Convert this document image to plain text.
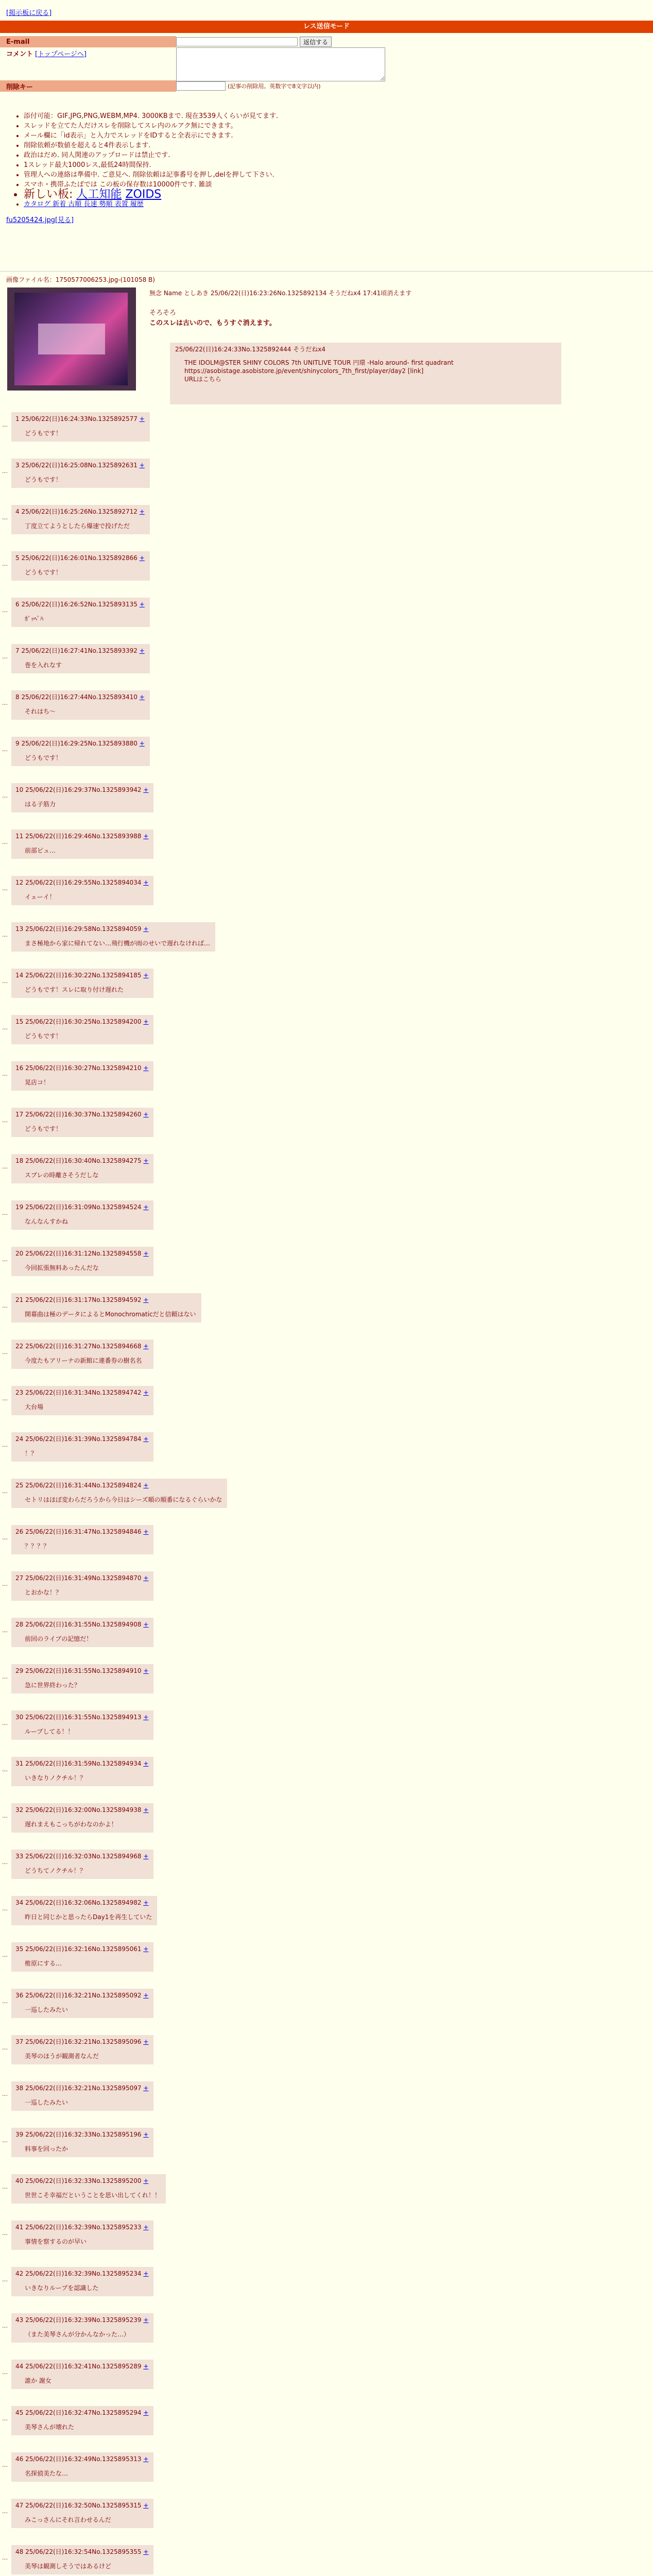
[掲示板に戻る]
レス送信モード
E-mail	返信する
コメント [トップページへ]
削除キー	(記事の削除用。英数字で8文字以内)
• 添付可能：GIF,JPG,PNG,WEBM,MP4. 3000KBまで. 現在3539人くらいが見てます.
• スレッドを立てた人だけスレを削除してスレ内のルアク無にできます。
• メール欄に「id表示」と入力でスレッドをIDすると全表示にできます.
• 削除依頼が数値を超えると4件表示します.
• 政治はだめ. 同人関連のアップロードは禁止です.
• 1スレッド最大1000レス,最低24時間保持.
• 管理人への連絡は準備中. ご意見へ. 削除依頼は記事番号を押し,delを押して下さい.
• スマホ・携帯ふたばでは この板の保存数は10000件です. 雑談
• 新しい板: 人工知能 ZOIDS
• カタログ 新着 古順 長速 勢順 表置 履歴
fu5205424.jpg[見る]
画像ファイル名：1750577006253.jpg-(101058 B)
無念 Name としあき 25/06/22(日)16:23:26No.1325892134 そうだねx4 17:41頃消えます
そろそろ
このスレは古いので、もうすぐ消えます。
25/06/22(日)16:24:33No.1325892444 そうだねx4
THE IDOLM@STER SHINY COLORS 7th UNITLIVE TOUR 円環 -Halo around- first quadrant
https://asobistage.asobistore.jp/event/shinycolors_7th_first/player/day2 [link]
URLはこちら
…
1 25/06/22(日)16:24:33No.1325892577 +
どうもです！
…
3 25/06/22(日)16:25:08No.1325892631 +
どうもです！
…
4 25/06/22(日)16:25:26No.1325892712 +
丁度立てようとしたら爆速で投げただ
…
5 25/06/22(日)16:26:01No.1325892866 +
どうもです！
…
6 25/06/22(日)16:26:52No.1325893135 +
ｶﾞｯﾍﾟﾊ
…
7 25/06/22(日)16:27:41No.1325893392 +
巻を入れなす
…
8 25/06/22(日)16:27:44No.1325893410 +
それはち～
…
9 25/06/22(日)16:29:25No.1325893880 +
どうもです！
…
10 25/06/22(日)16:29:37No.1325893942 +
はる子筋力
…
11 25/06/22(日)16:29:46No.1325893988 +
前部ピュ…
…
12 25/06/22(日)16:29:55No.1325894034 +
イェーイ！
…
13 25/06/22(日)16:29:58No.1325894059 +
まさ極地から家に帰れてない…飛行機が雨のせいで遅れなければ…
…
14 25/06/22(日)16:30:22No.1325894185 +
どうもです！スレに取り付け遅れた
…
15 25/06/22(日)16:30:25No.1325894200 +
どうもです！
…
16 25/06/22(日)16:30:27No.1325894210 +
晃店コ！
…
17 25/06/22(日)16:30:37No.1325894260 +
どうもです！
…
18 25/06/22(日)16:30:40No.1325894275 +
スプレの時離さそうだしな
…
19 25/06/22(日)16:31:09No.1325894524 +
なんなんすかね
…
20 25/06/22(日)16:31:12No.1325894558 +
今回拡張無料あったんだな
…
21 25/06/22(日)16:31:17No.1325894592 +
開幕曲は極のデータによるとMonochromaticだと信頼はない
…
22 25/06/22(日)16:31:27No.1325894668 +
今度たもアリーナの新館に連番券の樹名名
…
23 25/06/22(日)16:31:34No.1325894742 +
大台場
…
24 25/06/22(日)16:31:39No.1325894784 +
！？
…
25 25/06/22(日)16:31:44No.1325894824 +
セトリはほぼ変わらだろうから今日はシーズ順の順番になるぐらいかな
…
26 25/06/22(日)16:31:47No.1325894846 +
？？？？
…
27 25/06/22(日)16:31:49No.1325894870 +
とおかな！？
…
28 25/06/22(日)16:31:55No.1325894908 +
前回のライブの記憶だ！
…
29 25/06/22(日)16:31:55No.1325894910 +
急に世界終わった？
…
30 25/06/22(日)16:31:55No.1325894913 +
ループしてる！！
…
31 25/06/22(日)16:31:59No.1325894934 +
いきなりノクチル！？
…
32 25/06/22(日)16:32:00No.1325894938 +
遅れまえもこっちがわなのかよ！
…
33 25/06/22(日)16:32:03No.1325894968 +
どうちてノクチル！？
…
34 25/06/22(日)16:32:06No.1325894982 +
昨日と同じかと思ったらDay1を再生していた
…
35 25/06/22(日)16:32:16No.1325895061 +
椎原にする…
…
36 25/06/22(日)16:32:21No.1325895092 +
一巡したみたい
…
37 25/06/22(日)16:32:21No.1325895096 +
美琴のほうが観測者なんだ
…
38 25/06/22(日)16:32:21No.1325895097 +
一巡したみたい
…
39 25/06/22(日)16:32:33No.1325895196 +
料事を回ったか
…
40 25/06/22(日)16:32:33No.1325895200 +
世世こそ幸福だということを思い出してくれ！！
…
41 25/06/22(日)16:32:39No.1325895233 +
事情を察するのが早い
…
42 25/06/22(日)16:32:39No.1325895234 +
いきなりループを認識した
…
43 25/06/22(日)16:32:39No.1325895239 +
（また美琴さんが分かんなかった…）
…
44 25/06/22(日)16:32:41No.1325895289 +
誰か 謝女
…
45 25/06/22(日)16:32:47No.1325895294 +
美琴さんが壊れた
…
46 25/06/22(日)16:32:49No.1325895313 +
名探偵美たな…
…
47 25/06/22(日)16:32:50No.1325895315 +
みこっさんにそれ言わせるんだ
…
48 25/06/22(日)16:32:54No.1325895355 +
美琴は観測しそうではあるけど
